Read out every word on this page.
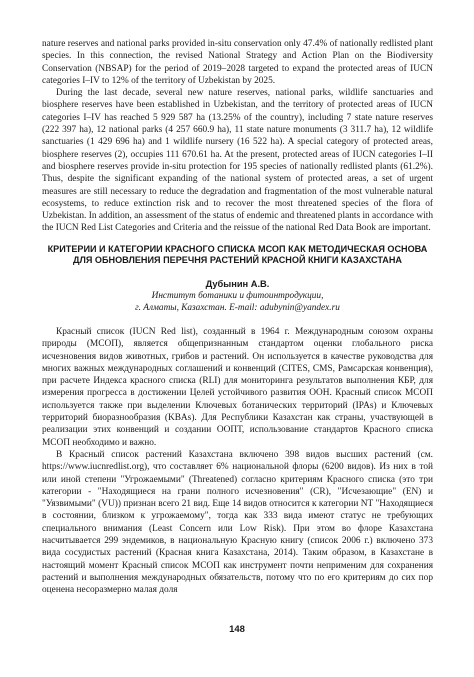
nature reserves and national parks provided in-situ conservation only 47.4% of nationally redlisted plant species. In this connection, the revised National Strategy and Action Plan on the Biodiversity Conservation (NBSAP) for the period of 2019–2028 targeted to expand the protected areas of IUCN categories I–IV to 12% of the territory of Uzbekistan by 2025.

During the last decade, several new nature reserves, national parks, wildlife sanctuaries and biosphere reserves have been established in Uzbekistan, and the territory of protected areas of IUCN categories I–IV has reached 5 929 587 ha (13.25% of the country), including 7 state nature reserves (222 397 ha), 12 national parks (4 257 660.9 ha), 11 state nature monuments (3 311.7 ha), 12 wildlife sanctuaries (1 429 696 ha) and 1 wildlife nursery (16 522 ha). A special category of protected areas, biosphere reserves (2), occupies 111 670.61 ha. At the present, protected areas of IUCN categories I–II and biosphere reserves provide in-situ protection for 195 species of nationally redlisted plants (61.2%). Thus, despite the significant expanding of the national system of protected areas, a set of urgent measures are still necessary to reduce the degradation and fragmentation of the most vulnerable natural ecosystems, to reduce extinction risk and to recover the most threatened species of the flora of Uzbekistan. In addition, an assessment of the status of endemic and threatened plants in accordance with the IUCN Red List Categories and Criteria and the reissue of the national Red Data Book are important.

КРИТЕРИИ И КАТЕГОРИИ КРАСНОГО СПИСКА МСОП КАК МЕТОДИЧЕСКАЯ ОСНОВА ДЛЯ ОБНОВЛЕНИЯ ПЕРЕЧНЯ РАСТЕНИЙ КРАСНОЙ КНИГИ КАЗАХСТАНА

Дубынин А.В.

Институт ботаники и фитоинтродукции,

г. Алматы, Казахстан. E-mail: adubynin@yandex.ru

Красный список (IUCN Red list), созданный в 1964 г. Международным союзом охраны природы (МСОП), является общепризнанным стандартом оценки глобального риска исчезновения видов животных, грибов и растений. Он используется в качестве руководства для многих важных международных соглашений и конвенций (CITES, CMS, Рамсарская конвенция), при расчете Индекса красного списка (RLI) для мониторинга результатов выполнения КБР, для измерения прогресса в достижении Целей устойчивого развития ООН. Красный список МСОП используется также при выделении Ключевых ботанических территорий (IPAs) и Ключевых территорий биоразнообразия (KBAs). Для Республики Казахстан как страны, участвующей в реализации этих конвенций и создании ООПТ, использование стандартов Красного списка МСОП необходимо и важно.

В Красный список растений Казахстана включено 398 видов высших растений (см. https://www.iucnredlist.org), что составляет 6% национальной флоры (6200 видов). Из них в той или иной степени "Угрожаемыми" (Threatened) согласно критериям Красного списка (это три категории - "Находящиеся на грани полного исчезновения" (CR), "Исчезающие" (EN) и "Уязвимыми" (VU)) признан всего 21 вид. Еще 14 видов относится к категории NT "Находящиеся в состоянии, близком к угрожаемому", тогда как 333 вида имеют статус не требующих специального внимания (Least Concern или Low Risk). При этом во флоре Казахстана насчитывается 299 эндемиков, в национальную Красную книгу (список 2006 г.) включено 373 вида сосудистых растений (Красная книга Казахстана, 2014). Таким образом, в Казахстане в настоящий момент Красный список МСОП как инструмент почти неприменим для сохранения растений и выполнения международных обязательств, потому что по его критериям до сих пор оценена несоразмерно малая доля

148
